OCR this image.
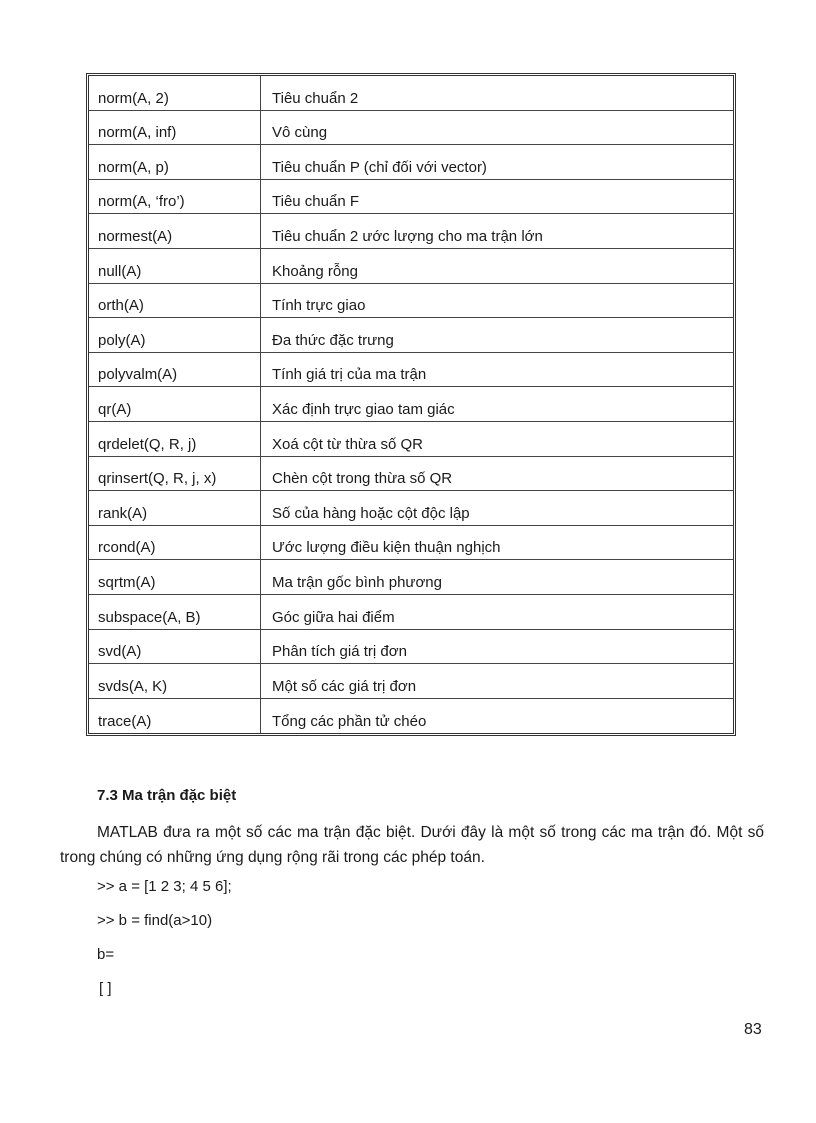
norm(A, 2)	Tiêu chuẩn 2
norm(A, inf)	Vô cùng
norm(A, p)	Tiêu chuẩn P (chỉ đối với vector)
norm(A, ‘fro’)	Tiêu chuẩn F
normest(A)	Tiêu chuẩn 2 ước lượng cho ma trận lớn
null(A)	Khoảng rỗng
orth(A)	Tính trực giao
poly(A)	Đa thức đặc trưng
polyvalm(A)	Tính giá trị của ma trận
qr(A)	Xác định trực giao tam giác
qrdelet(Q, R, j)	Xoá cột từ thừa số QR
qrinsert(Q, R, j, x)	Chèn cột trong thừa số QR
rank(A)	Số của hàng hoặc cột độc lập
rcond(A)	Ước lượng điều kiện thuận nghịch
sqrtm(A)	Ma trận gốc bình phương
subspace(A, B)	Góc giữa hai điểm
svd(A)	Phân tích giá trị đơn
svds(A, K)	Một số các giá trị đơn
trace(A)	Tổng các phần tử chéo
7.3 Ma trận đặc biệt
MATLAB đưa ra một số các ma trận đặc biệt. Dưới đây là một số trong các ma trận đó. Một số trong chúng có những ứng dụng rộng rãi trong các phép toán.
>> a = [1 2 3; 4 5 6];
>> b = find(a>10)
b=
[ ]
83
